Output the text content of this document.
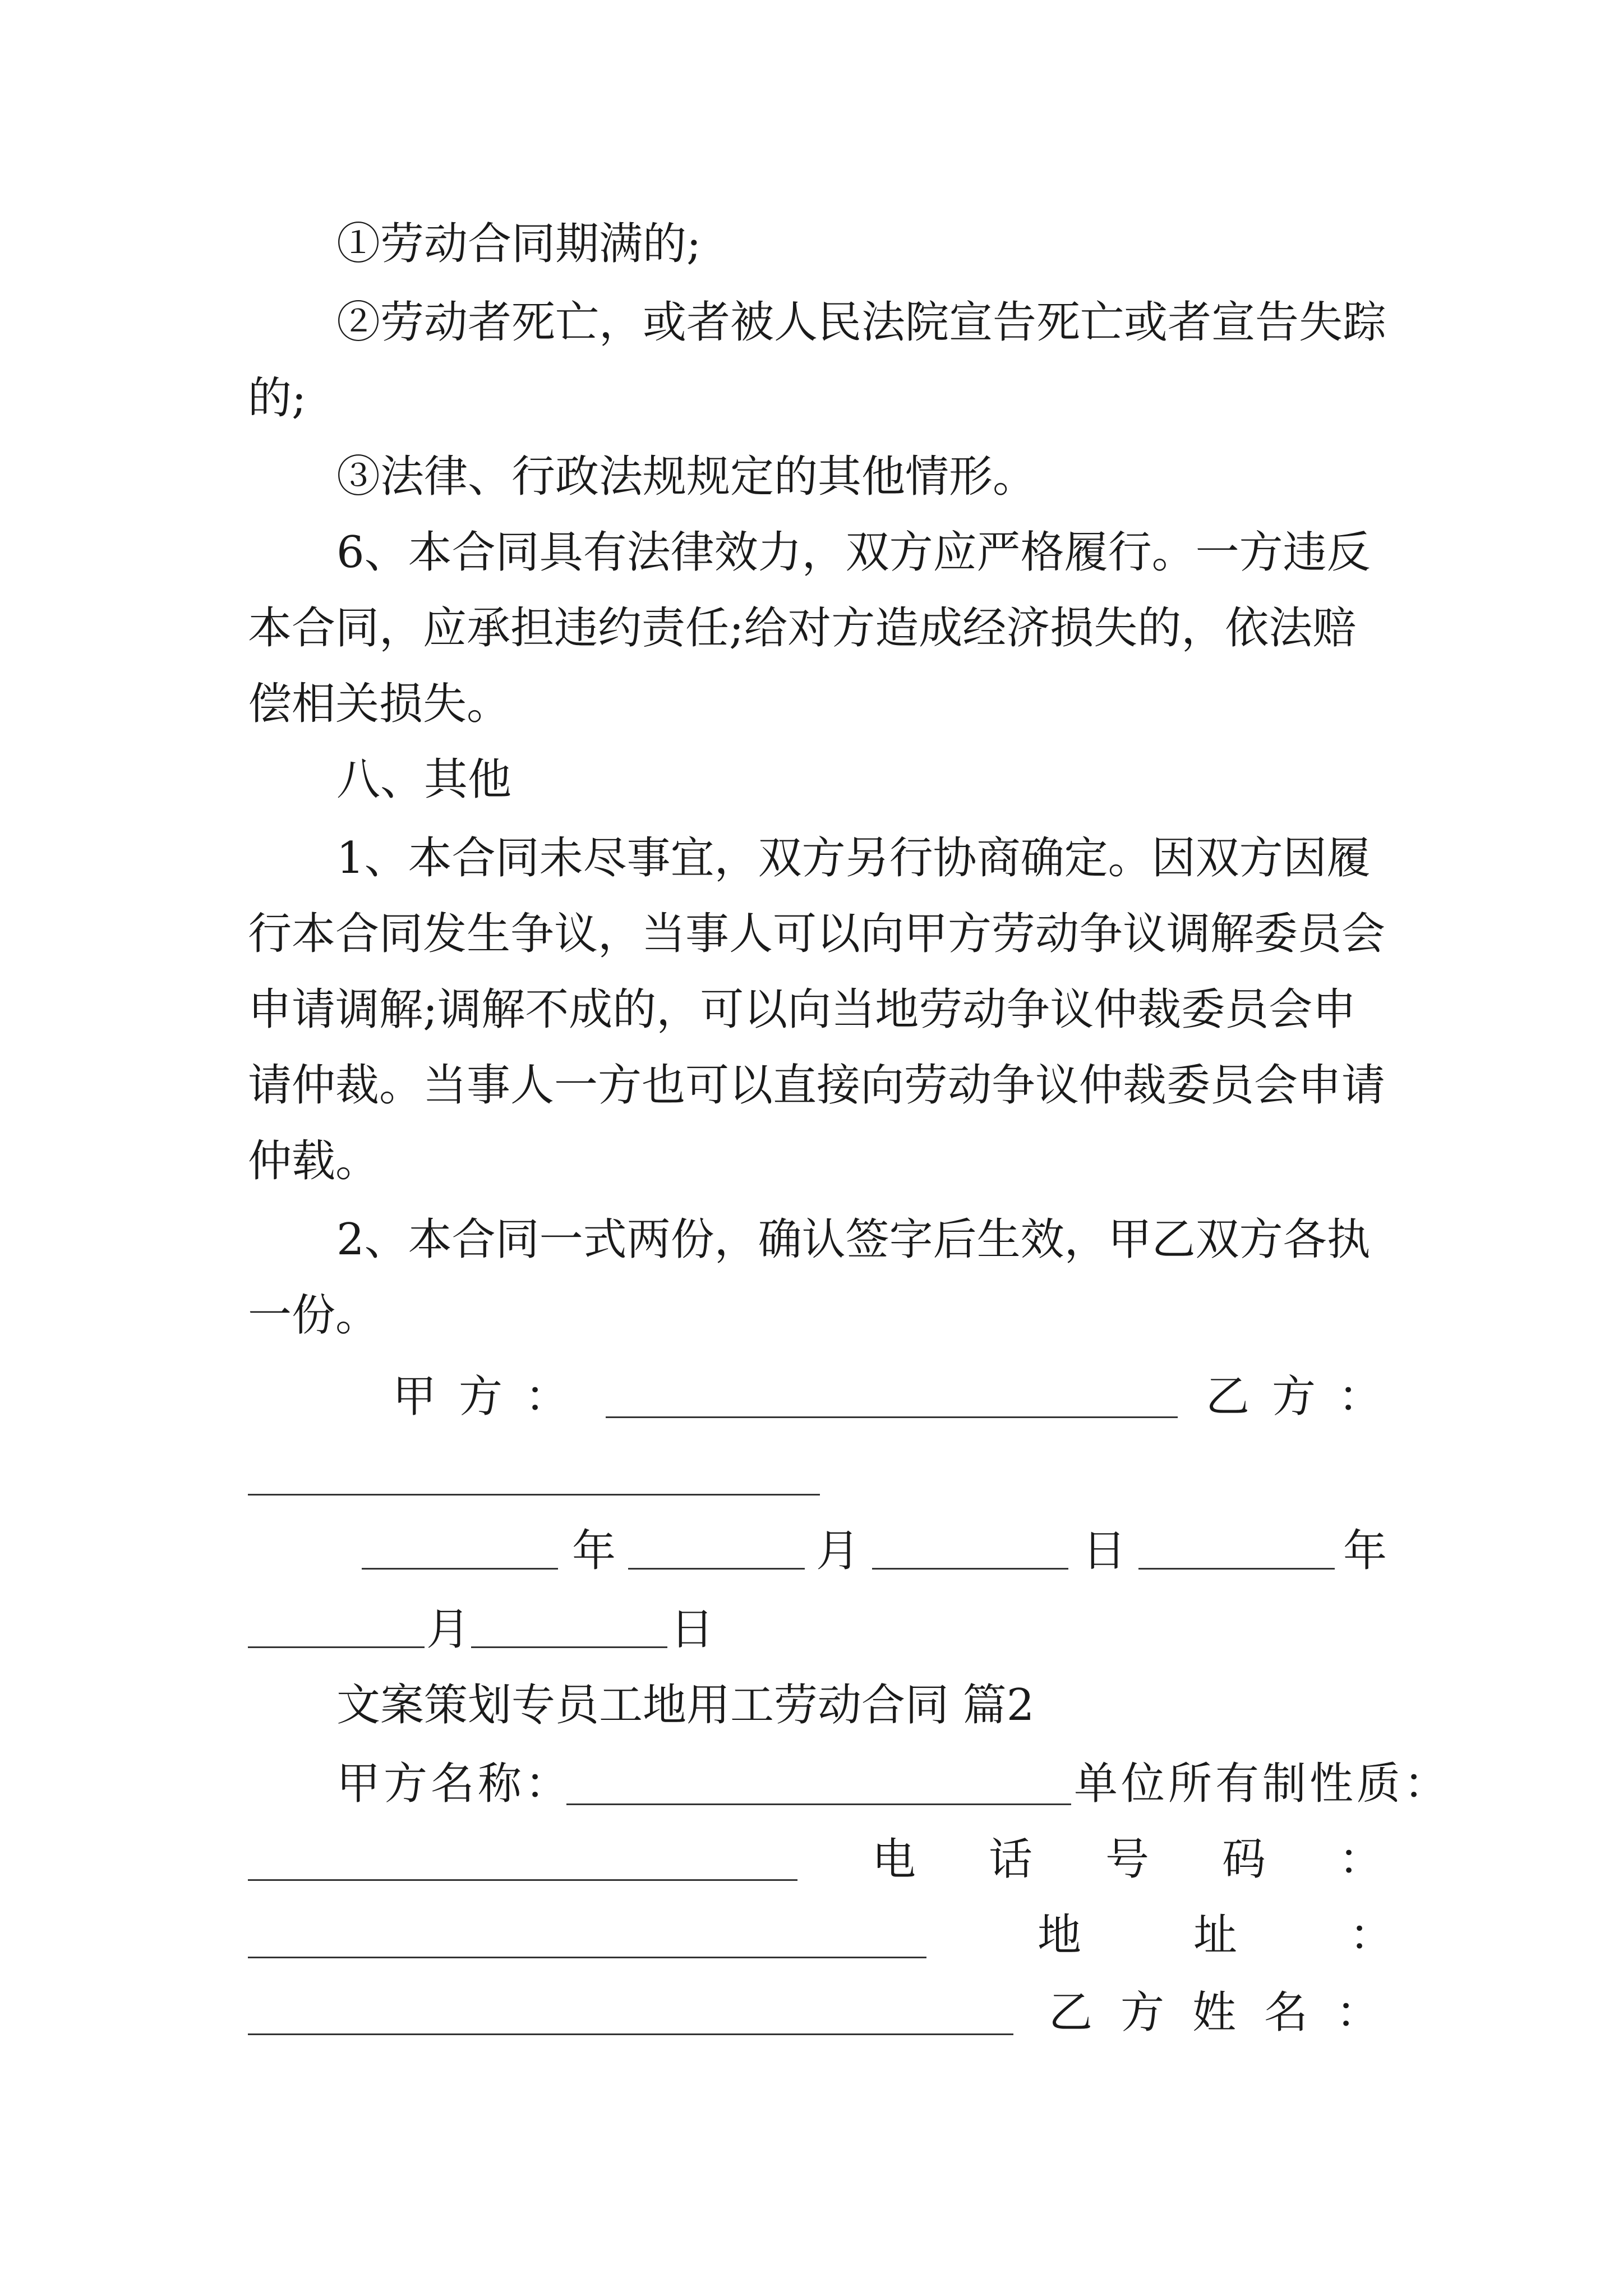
①劳动合同期满的;
②劳动者死亡，或者被人民法院宣告死亡或者宣告失踪
的;
③法律、行政法规规定的其他情形。
6、本合同具有法律效力，双方应严格履行。一方违反
本合同，应承担违约责任;给对方造成经济损失的，依法赔
偿相关损失。
八、其他
1、本合同未尽事宜，双方另行协商确定。因双方因履
行本合同发生争议，当事人可以向甲方劳动争议调解委员会
申请调解;调解不成的，可以向当地劳动争议仲裁委员会申
请仲裁。当事人一方也可以直接向劳动争议仲裁委员会申请
仲载。
2、本合同一式两份，确认签字后生效，甲乙双方各执
一份。
甲方：	乙方：
年	月	日	年
月	日
文案策划专员工地用工劳动合同 篇2
甲方名称：	单位所有制性质：
电话号码：
地址：
乙方姓名：
